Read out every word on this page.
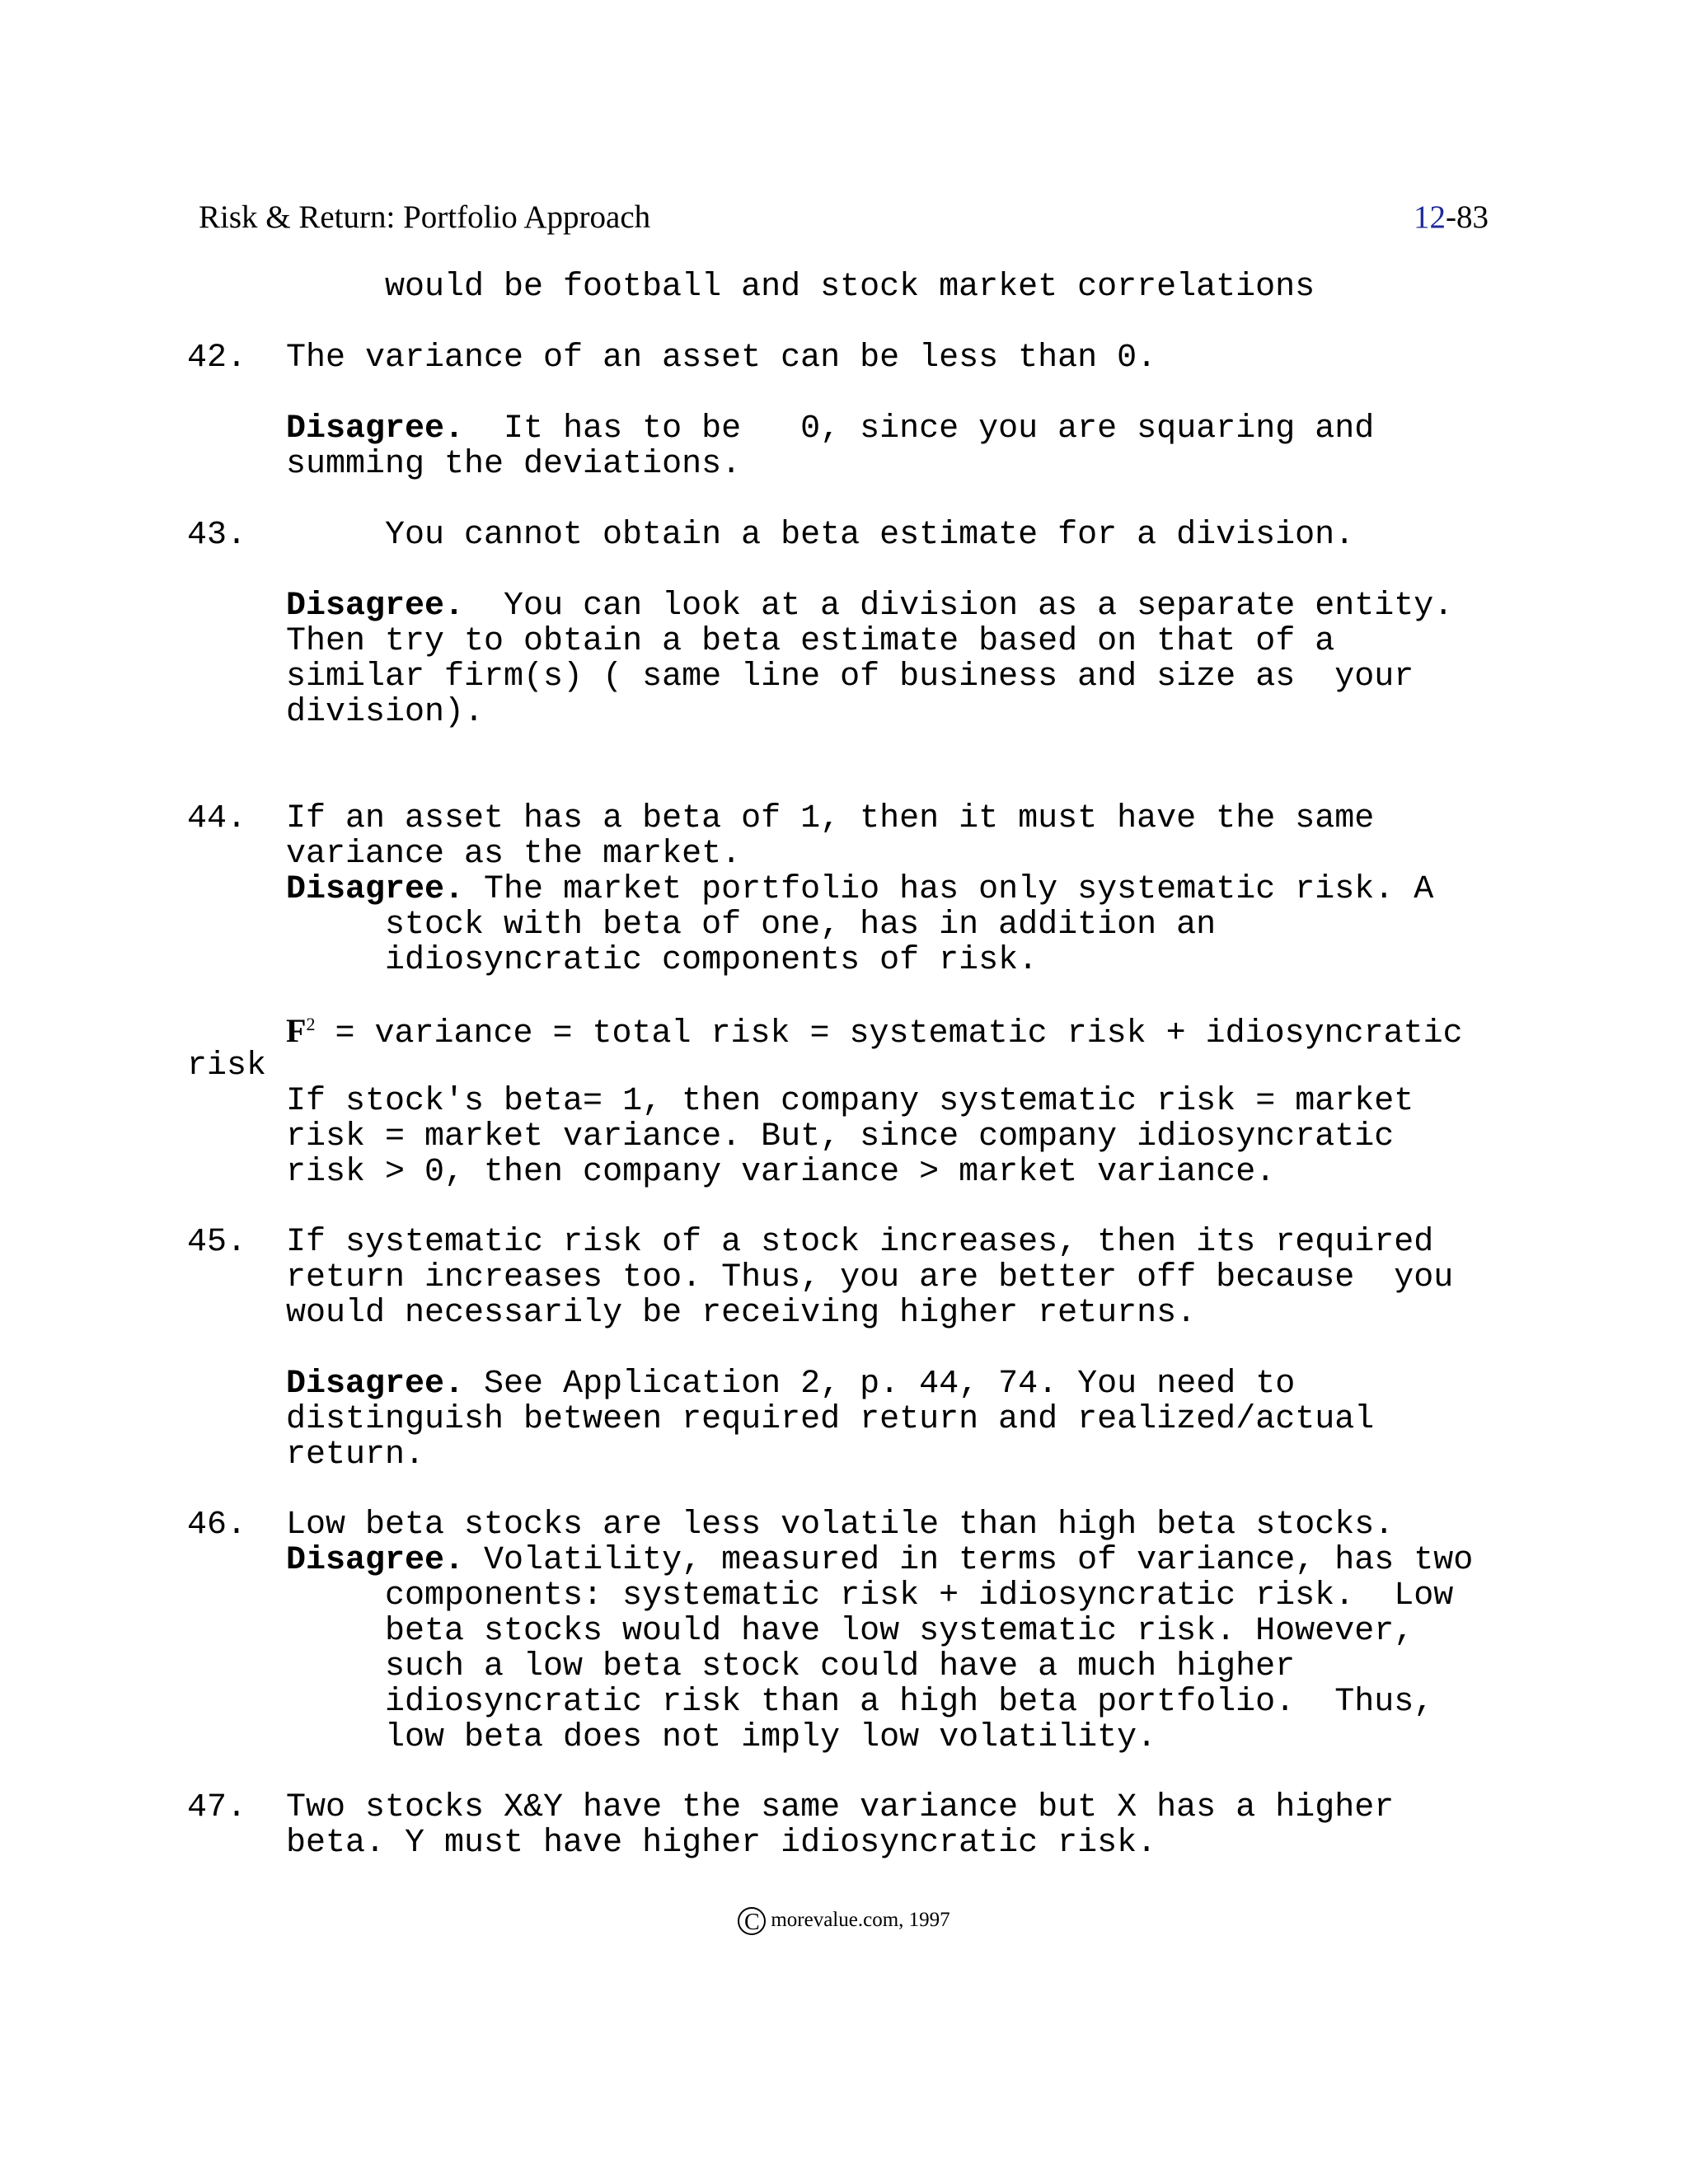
Risk & Return: Portfolio Approach	12-83
would be football and stock market correlations
42. The variance of an asset can be less than 0.
Disagree.  It has to be   0, since you are squaring and
summing the deviations.
43.	You cannot obtain a beta estimate for a division.
Disagree.  You can look at a division as a separate entity.
Then try to obtain a beta estimate based on that of a
similar firm(s) ( same line of business and size as  your
division).
44. If an asset has a beta of 1, then it must have the same
variance as the market.
Disagree. The market portfolio has only systematic risk. A
stock with beta of one, has in addition an
idiosyncratic components of risk.
$F^2$ = variance = total risk = systematic risk + idiosyncratic
risk
If stock's beta= 1, then company systematic risk = market
risk = market variance. But, since company idiosyncratic
risk > 0, then company variance > market variance.
45. If systematic risk of a stock increases, then its required
return increases too. Thus, you are better off because  you
would necessarily be receiving higher returns.
Disagree. See Application 2, p. 44, 74. You need to
distinguish between required return and realized/actual
return.
46. Low beta stocks are less volatile than high beta stocks.
Disagree. Volatility, measured in terms of variance, has two
components: systematic risk + idiosyncratic risk.  Low
beta stocks would have low systematic risk. However,
such a low beta stock could have a much higher
idiosyncratic risk than a high beta portfolio.  Thus,
low beta does not imply low volatility.
47. Two stocks X&Y have the same variance but X has a higher
beta. Y must have higher idiosyncratic risk.
C morevalue.com, 1997
